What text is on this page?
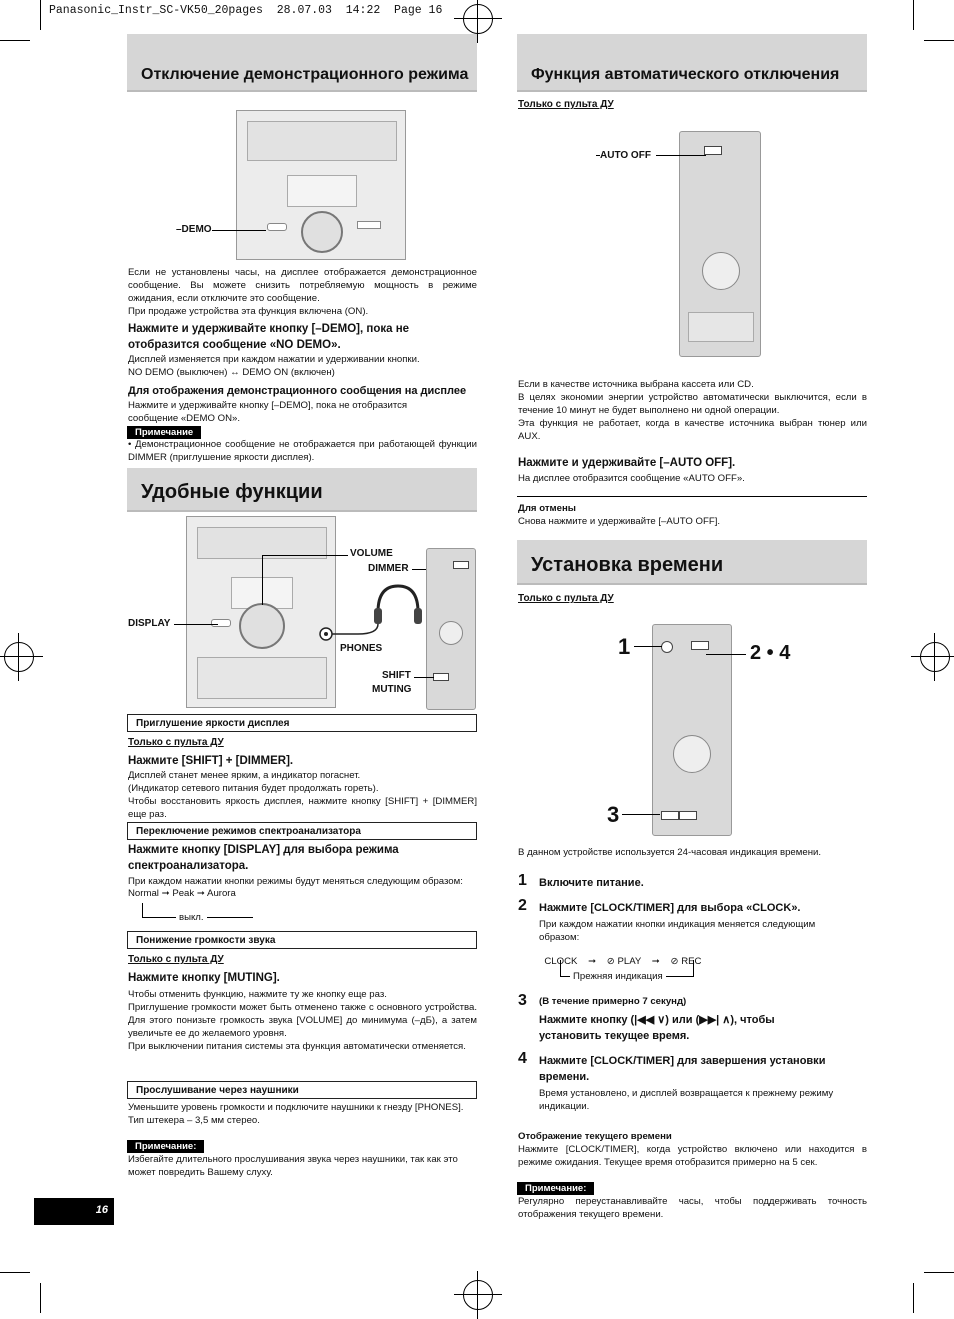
Panasonic_Instr_SC-VK50_20pages  28.07.03  14:22  Page 16
Отключение демонстрационного режима
–DEMO
Если не установлены часы, на дисплее отображается демонстрационное сообщение. Вы можете снизить потребляемую мощность в режиме ожидания, если отключите это сообщение.
При продаже устройства эта функция включена (ON).
Нажмите и удерживайте кнопку [–DEMO], пока не отобразится сообщение «NO DEMO».
Дисплей изменяется при каждом нажатии и удерживании кнопки.
NO DEMO (выключен) ↔ DEMO ON (включен)
Для отображения демонстрационного сообщения на дисплее
Нажмите и удерживайте кнопку [–DEMO], пока не отобразится сообщение «DEMO ON».
Примечание
• Демонстрационное сообщение не отображается при работающей функции DIMMER (приглушение яркости дисплея).
Удобные функции
VOLUME
DIMMER
DISPLAY
PHONES
SHIFT
MUTING
Приглушение яркости дисплея
Только с пульта ДУ
Нажмите [SHIFT] + [DIMMER].
Дисплей станет менее ярким, а индикатор погаснет.
(Индикатор сетевого питания будет продолжать гореть).
Чтобы восстановить яркость дисплея, нажмите кнопку [SHIFT] + [DIMMER] еще раз.
Переключение режимов спектроанализатора
Нажмите кнопку [DISPLAY] для выбора режима спектроанализатора.
При каждом нажатии кнопки режимы будут меняться следующим образом:
Normal ➞ Peak ➞ Aurora
выкл.
Понижение громкости звука
Только с пульта ДУ
Нажмите кнопку [MUTING].
Чтобы отменить функцию, нажмите ту же кнопку еще раз.
Приглушение громкости может быть отменено также с основного устройства. Для этого понизьте громкость звука [VOLUME] до минимума (–дБ), а затем увеличьте ее до желаемого уровня.
При выключении питания системы эта функция автоматически отменяется.
Прослушивание через наушники
Уменьшите уровень громкости и подключите наушники к гнезду [PHONES].
Тип штекера – 3,5 мм стерео.
Примечание:
Избегайте длительного прослушивания звука через наушники, так как это может повредить Вашему слуху.
16
Функция автоматического отключения
Только с пульта ДУ
AUTO OFF
Если в качестве источника выбрана кассета или CD.
В целях экономии энергии устройство автоматически выключится, если в течение 10 минут не будет выполнено ни одной операции.
Эта функция не работает, когда в качестве источника выбран тюнер или AUX.
Нажмите и удерживайте [–AUTO OFF].
На дисплее отобразится сообщение «AUTO OFF».
Для отмены
Снова нажмите и удерживайте [–AUTO OFF].
Установка времени
Только с пульта ДУ
1	2 • 4
3
В данном устройстве используется 24-часовая индикация времени.
1 Включите питание.
2 Нажмите [CLOCK/TIMER] для выбора «CLOCK».
При каждом нажатии кнопки индикация меняется следующим образом:

CLOCK    ➞    ⊘ PLAY    ➞    ⊘ REC

Прежняя индикация
3 (В течение примерно 7 секунд)
Нажмите кнопку (|◀◀ ∨) или (▶▶| ∧), чтобы установить текущее время.
4 Нажмите [CLOCK/TIMER] для завершения установки времени.
Время установлено, и дисплей возвращается к прежнему режиму индикации.
Отображение текущего времени
Нажмите [CLOCK/TIMER], когда устройство включено или находится в режиме ожидания. Текущее время отобразится примерно на 5 сек.
Примечание:
Регулярно переустанавливайте часы, чтобы поддерживать точность отображения текущего времени.
